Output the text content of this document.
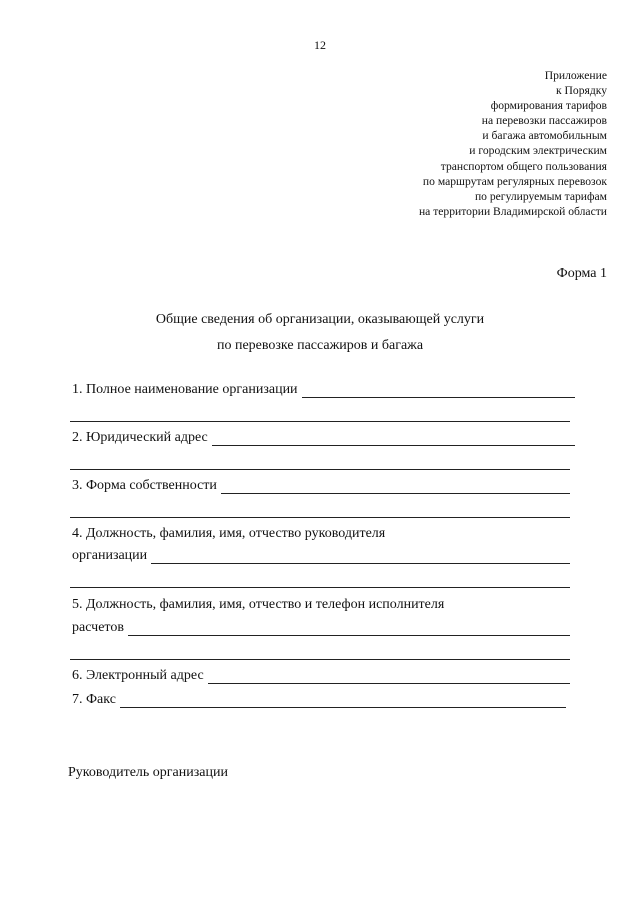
12
Приложение
к Порядку
формирования тарифов
на перевозки пассажиров
и багажа автомобильным
и городским электрическим
транспортом общего пользования
по маршрутам регулярных перевозок
по регулируемым тарифам
на территории Владимирской области
Форма 1
Общие сведения об организации, оказывающей услуги
по перевозке пассажиров и багажа
1. Полное наименование организации
2. Юридический адрес
3. Форма собственности
4. Должность, фамилия, имя, отчество руководителя
организации
5. Должность, фамилия, имя, отчество и телефон исполнителя
расчетов
6. Электронный адрес
7. Факс
Руководитель организации
